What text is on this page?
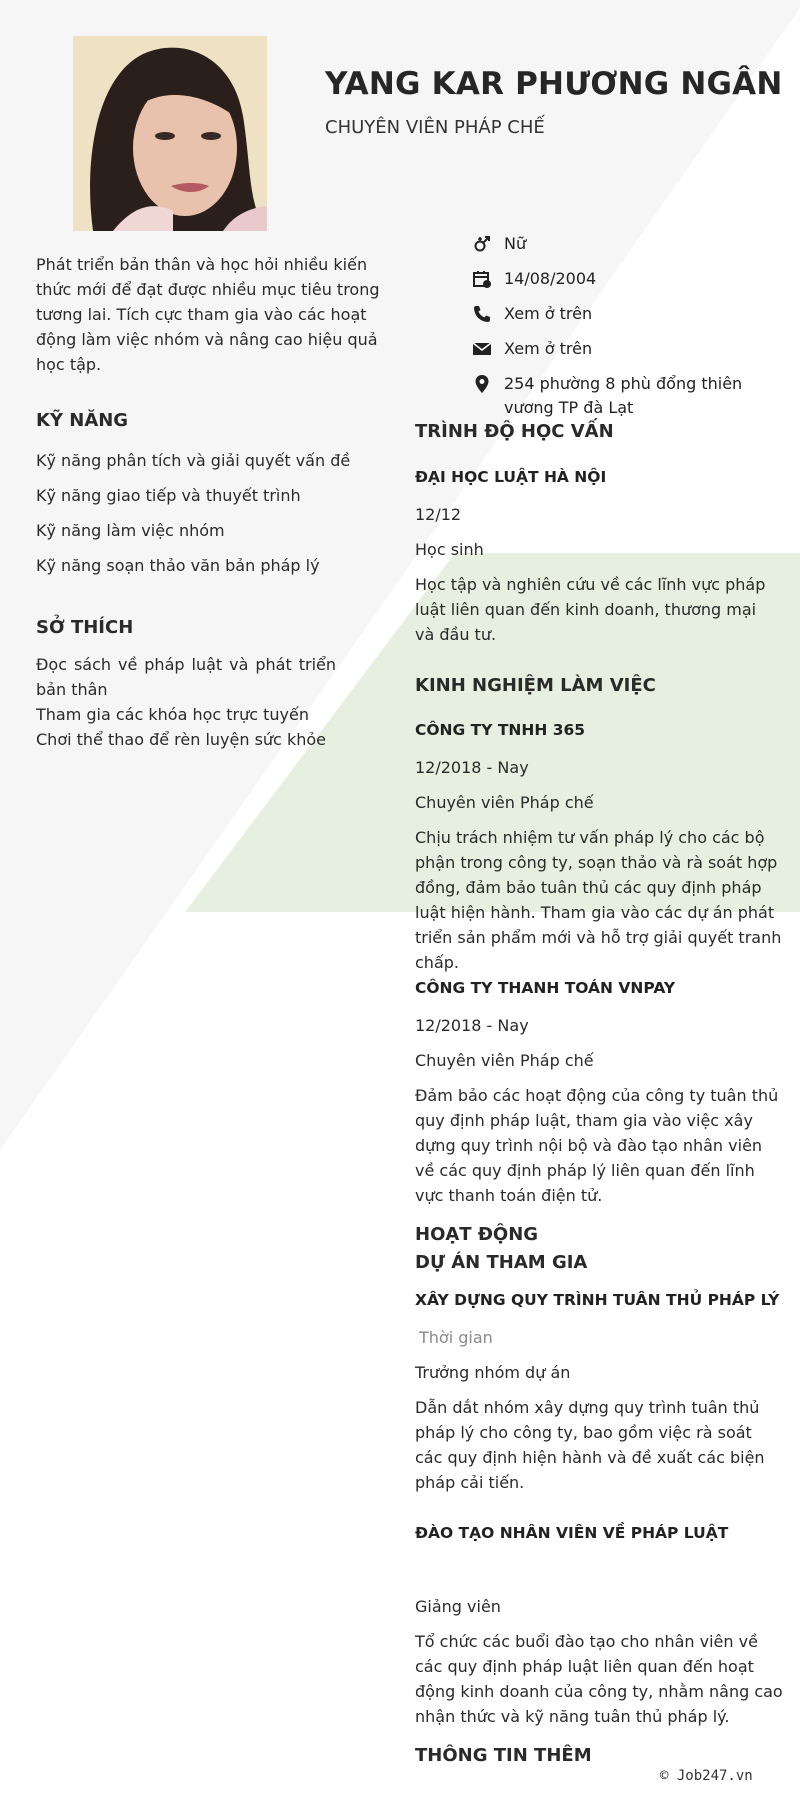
YANG KAR PHƯƠNG NGÂN
CHUYÊN VIÊN PHÁP CHẾ
Phát triển bản thân và học hỏi nhiều kiến thức mới để đạt được nhiều mục tiêu trong tương lai. Tích cực tham gia vào các hoạt động làm việc nhóm và nâng cao hiệu quả học tập.
Nữ
14/08/2004
Xem ở trên
Xem ở trên
254 phường 8 phù đổng thiên vương TP đà Lạt
KỸ NĂNG
Kỹ năng phân tích và giải quyết vấn đề
Kỹ năng giao tiếp và thuyết trình
Kỹ năng làm việc nhóm
Kỹ năng soạn thảo văn bản pháp lý
SỞ THÍCH
Đọc sách về pháp luật và phát triển
bản thân
Tham gia các khóa học trực tuyến
Chơi thể thao để rèn luyện sức khỏe
TRÌNH ĐỘ HỌC VẤN
ĐẠI HỌC LUẬT HÀ NỘI
12/12
Học sinh
Học tập và nghiên cứu về các lĩnh vực pháp luật liên quan đến kinh doanh, thương mại và đầu tư.
KINH NGHIỆM LÀM VIỆC
CÔNG TY TNHH 365
12/2018 - Nay
Chuyên viên Pháp chế
Chịu trách nhiệm tư vấn pháp lý cho các bộ phận trong công ty, soạn thảo và rà soát hợp đồng, đảm bảo tuân thủ các quy định pháp luật hiện hành. Tham gia vào các dự án phát triển sản phẩm mới và hỗ trợ giải quyết tranh chấp.
CÔNG TY THANH TOÁN VNPAY
12/2018 - Nay
Chuyên viên Pháp chế
Đảm bảo các hoạt động của công ty tuân thủ quy định pháp luật, tham gia vào việc xây dựng quy trình nội bộ và đào tạo nhân viên về các quy định pháp lý liên quan đến lĩnh vực thanh toán điện tử.
HOẠT ĐỘNG
DỰ ÁN THAM GIA
XÂY DỰNG QUY TRÌNH TUÂN THỦ PHÁP LÝ
Thời gian
Trưởng nhóm dự án
Dẫn dắt nhóm xây dựng quy trình tuân thủ pháp lý cho công ty, bao gồm việc rà soát các quy định hiện hành và đề xuất các biện pháp cải tiến.
ĐÀO TẠO NHÂN VIÊN VỀ PHÁP LUẬT
Giảng viên
Tổ chức các buổi đào tạo cho nhân viên về các quy định pháp luật liên quan đến hoạt động kinh doanh của công ty, nhằm nâng cao nhận thức và kỹ năng tuân thủ pháp lý.
THÔNG TIN THÊM
© Job247.vn
